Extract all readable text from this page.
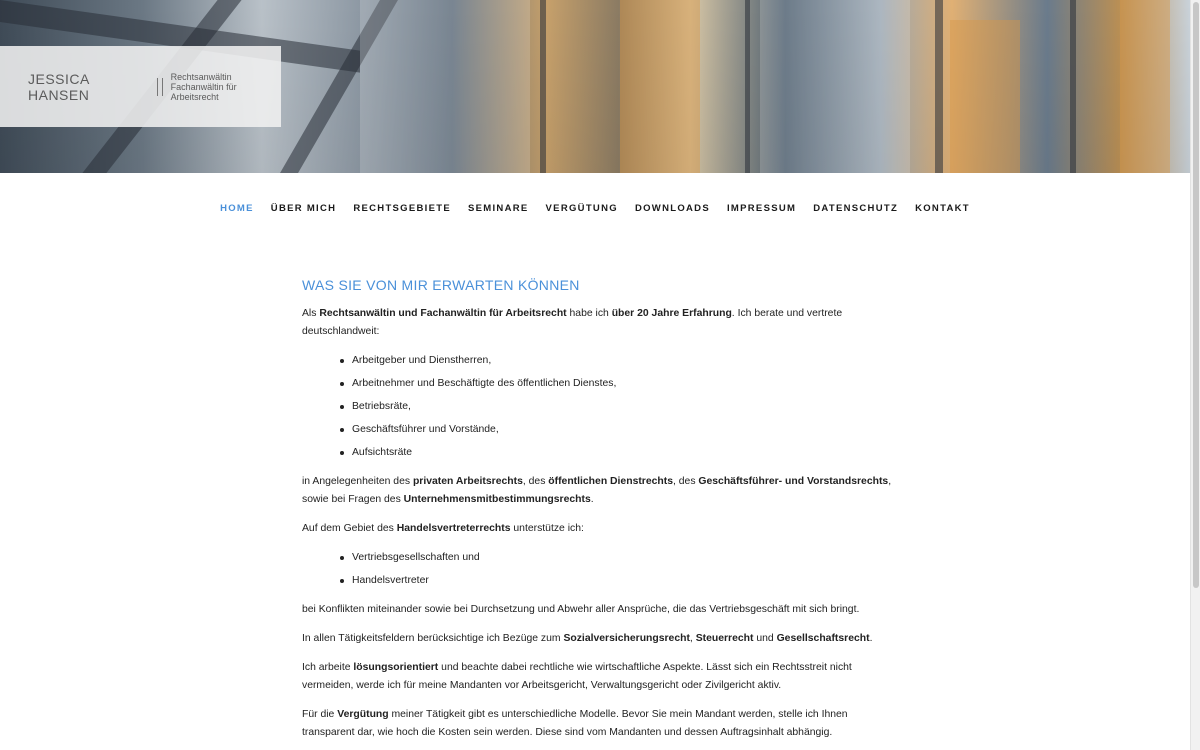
JESSICA HANSEN
Rechtsanwältin
Fachanwältin für Arbeitsrecht
HOME ÜBER MICH RECHTSGEBIETE SEMINARE VERGÜTUNG DOWNLOADS IMPRESSUM DATENSCHUTZ KONTAKT
WAS SIE VON MIR ERWARTEN KÖNNEN

Als Rechtsanwältin und Fachanwältin für Arbeitsrecht habe ich über 20 Jahre Erfahrung. Ich berate und vertrete deutschlandweit:

Arbeitgeber und Dienstherren,
Arbeitnehmer und Beschäftigte des öffentlichen Dienstes,
Betriebsräte,
Geschäftsführer und Vorstände,
Aufsichtsräte

in Angelegenheiten des privaten Arbeitsrechts, des öffentlichen Dienstrechts, des Geschäftsführer- und Vorstandsrechts, sowie bei Fragen des Unternehmensmitbestimmungsrechts.

Auf dem Gebiet des Handelsvertreterrechts unterstütze ich:

Vertriebsgesellschaften und
Handelsvertreter

bei Konflikten miteinander sowie bei Durchsetzung und Abwehr aller Ansprüche, die das Vertriebsgeschäft mit sich bringt.

In allen Tätigkeitsfeldern berücksichtige ich Bezüge zum Sozialversicherungsrecht, Steuerrecht und Gesellschaftsrecht.

Ich arbeite lösungsorientiert und beachte dabei rechtliche wie wirtschaftliche Aspekte. Lässt sich ein Rechtsstreit nicht vermeiden, werde ich für meine Mandanten vor Arbeitsgericht, Verwaltungsgericht oder Zivilgericht aktiv.

Für die Vergütung meiner Tätigkeit gibt es unterschiedliche Modelle. Bevor Sie mein Mandant werden, stelle ich Ihnen transparent dar, wie hoch die Kosten sein werden. Diese sind vom Mandanten und dessen Auftragsinhalt abhängig.
